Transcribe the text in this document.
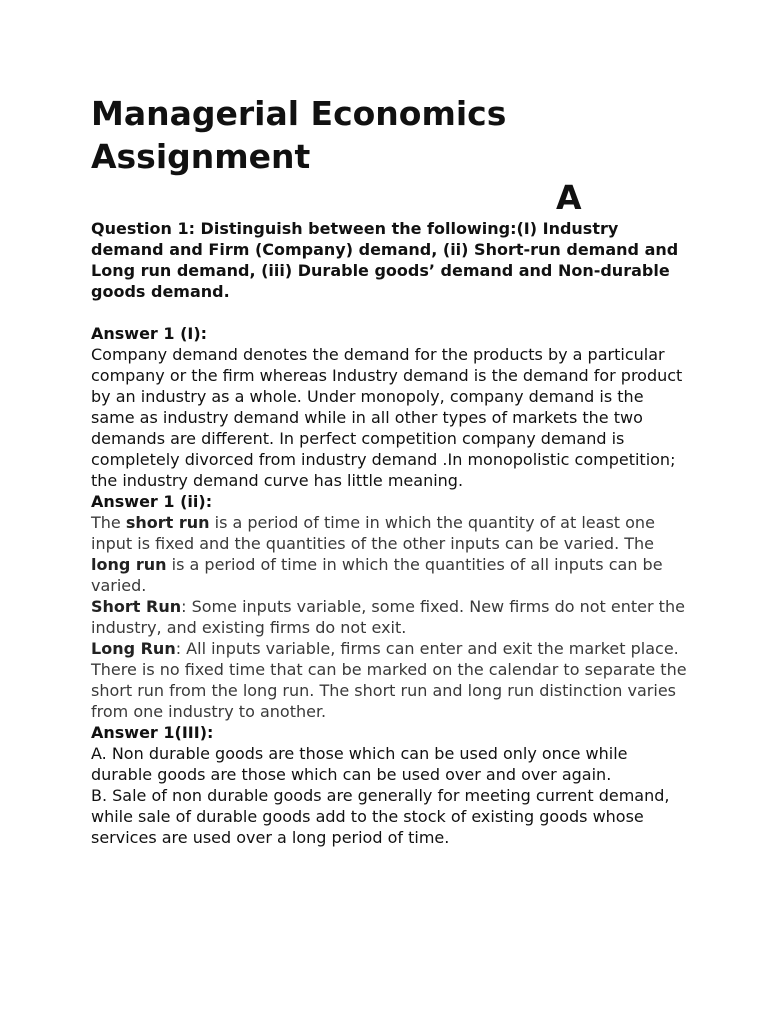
Managerial Economics
Assignment
A

Question 1: Distinguish between the following:(I) Industry demand and Firm (Company) demand, (ii) Short-run demand and Long run demand, (iii) Durable goods’ demand and Non-durable goods demand.

Answer 1 (I):

Company demand denotes the demand for the products by a particular company or the firm whereas Industry demand is the demand for product by an industry as a whole. Under monopoly, company demand is the same as industry demand while in all other types of markets the two demands are different. In perfect competition company demand is completely divorced from industry demand .In monopolistic competition; the industry demand curve has little meaning.

Answer 1 (ii):

The short run is a period of time in which the quantity of at least one input is fixed and the quantities of the other inputs can be varied. The long run is a period of time in which the quantities of all inputs can be varied.

Short Run: Some inputs variable, some fixed. New firms do not enter the industry, and existing firms do not exit.

Long Run: All inputs variable, firms can enter and exit the market place. There is no fixed time that can be marked on the calendar to separate the short run from the long run. The short run and long run distinction varies from one industry to another.

Answer 1(III):

A. Non durable goods are those which can be used only once while durable goods are those which can be used over and over again.

B. Sale of non durable goods are generally for meeting current demand, while sale of durable goods add to the stock of existing goods whose services are used over a long period of time.
